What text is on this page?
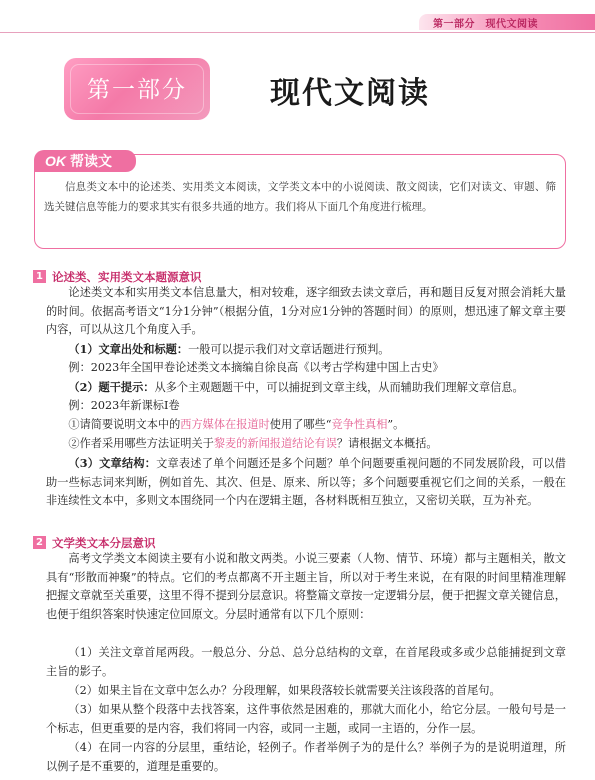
第一部分　现代文阅读
第一部分	现代文阅读
OK 帮读文
信息类文本中的论述类、实用类文本阅读，文学类文本中的小说阅读、散文阅读，它们对读文、审题、筛选关键信息等能力的要求其实有很多共通的地方。我们将从下面几个角度进行梳理。
1 论述类、实用类文本题源意识
论述类文本和实用类文本信息量大，相对较难，逐字细致去读文章后，再和题目反复对照会消耗大量的时间。依据高考语文“1分1分钟”（根据分值，1分对应1分钟的答题时间）的原则，想迅速了解文章主要内容，可以从这几个角度入手。
（1）文章出处和标题：一般可以提示我们对文章话题进行预判。
例：2023年全国甲卷论述类文本摘编自徐良高《以考古学构建中国上古史》
（2）题干提示：从多个主观题题干中，可以捕捉到文章主线，从而辅助我们理解文章信息。
例：2023年新课标Ⅰ卷
①请简要说明文本中的西方媒体在报道时使用了哪些“竞争性真相”。
②作者采用哪些方法证明关于黎麦的新闻报道结论有误？请根据文本概括。
（3）文章结构：文章表述了单个问题还是多个问题？单个问题要重视问题的不同发展阶段，可以借助一些标志词来判断，例如首先、其次、但是、原来、所以等；多个问题要重视它们之间的关系，一般在非连续性文本中，多则文本围绕同一个内在逻辑主题，各材料既相互独立，又密切关联，互为补充。
2 文学类文本分层意识
高考文学类文本阅读主要有小说和散文两类。小说三要素（人物、情节、环境）都与主题相关，散文具有“形散而神聚”的特点。它们的考点都离不开主题主旨，所以对于考生来说，在有限的时间里精准理解把握文章就至关重要，这里不得不提到分层意识。将整篇文章按一定逻辑分层，便于把握文章关键信息，也便于组织答案时快速定位回原文。分层时通常有以下几个原则：
（1）关注文章首尾两段。一般总分、分总、总分总结构的文章，在首尾段或多或少总能捕捉到文章主旨的影子。
（2）如果主旨在文章中怎么办？分段理解，如果段落较长就需要关注该段落的首尾句。
（3）如果从整个段落中去找答案，这件事依然是困难的，那就大而化小，给它分层。一般句号是一个标志，但更重要的是内容，我们将同一内容，或同一主题，或同一主语的，分作一层。
（4）在同一内容的分层里，重结论，轻例子。作者举例子为的是什么？举例子为的是说明道理，所以例子是不重要的，道理是重要的。
